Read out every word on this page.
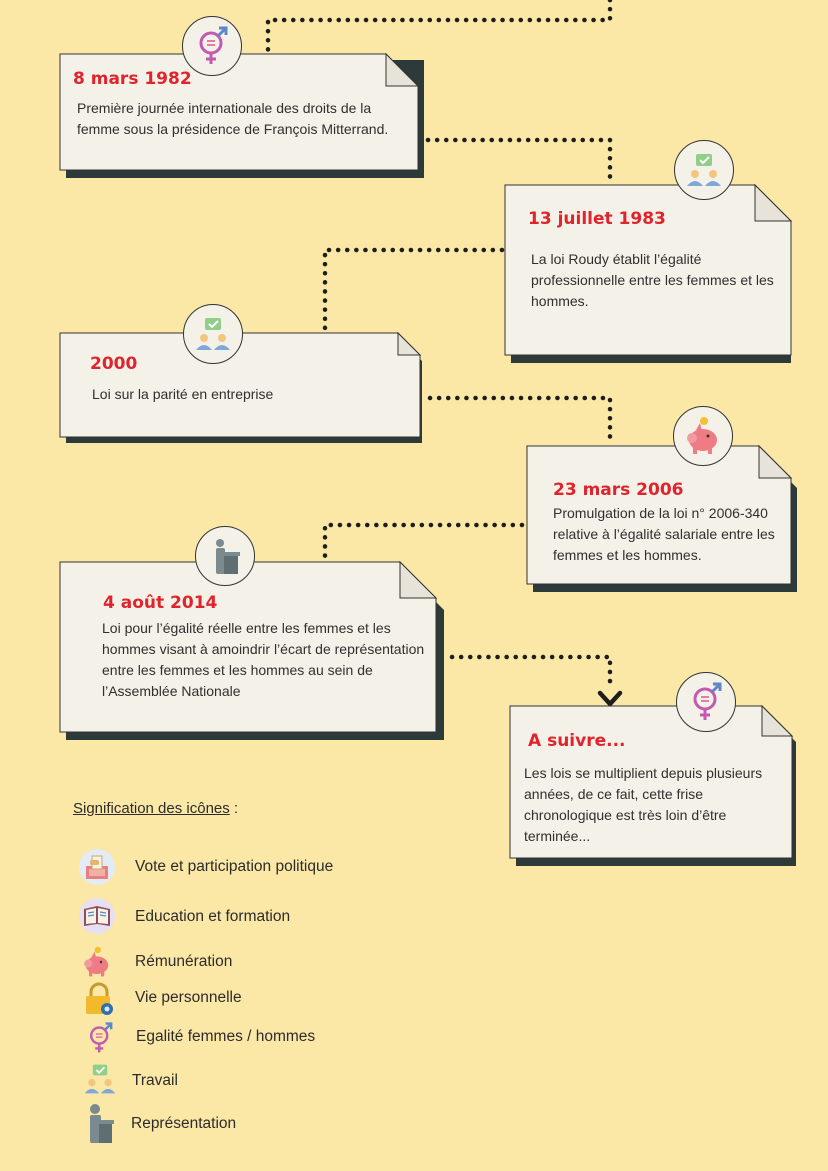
8 mars 1982
Première journée internationale des droits de la femme sous la présidence de François Mitterrand.
13 juillet 1983
La loi Roudy établit l’égalité professionnelle entre les femmes et les hommes.
2000
Loi sur la parité en entreprise
23 mars 2006
Promulgation de la loi n° 2006-340 relative à l’égalité salariale entre les femmes et les hommes.
4 août 2014
Loi pour l’égalité réelle entre les femmes et les hommes visant à amoindrir l’écart de représentation entre les femmes et les hommes au sein de l’Assemblée Nationale
A suivre...
Les lois se multiplient depuis plusieurs années, de ce fait, cette frise chronologique est très loin d’être terminée...
Signification des icônes :
Vote et participation politique
Education et formation
Rémunération
Vie personnelle
Egalité femmes / hommes
Travail
Représentation
